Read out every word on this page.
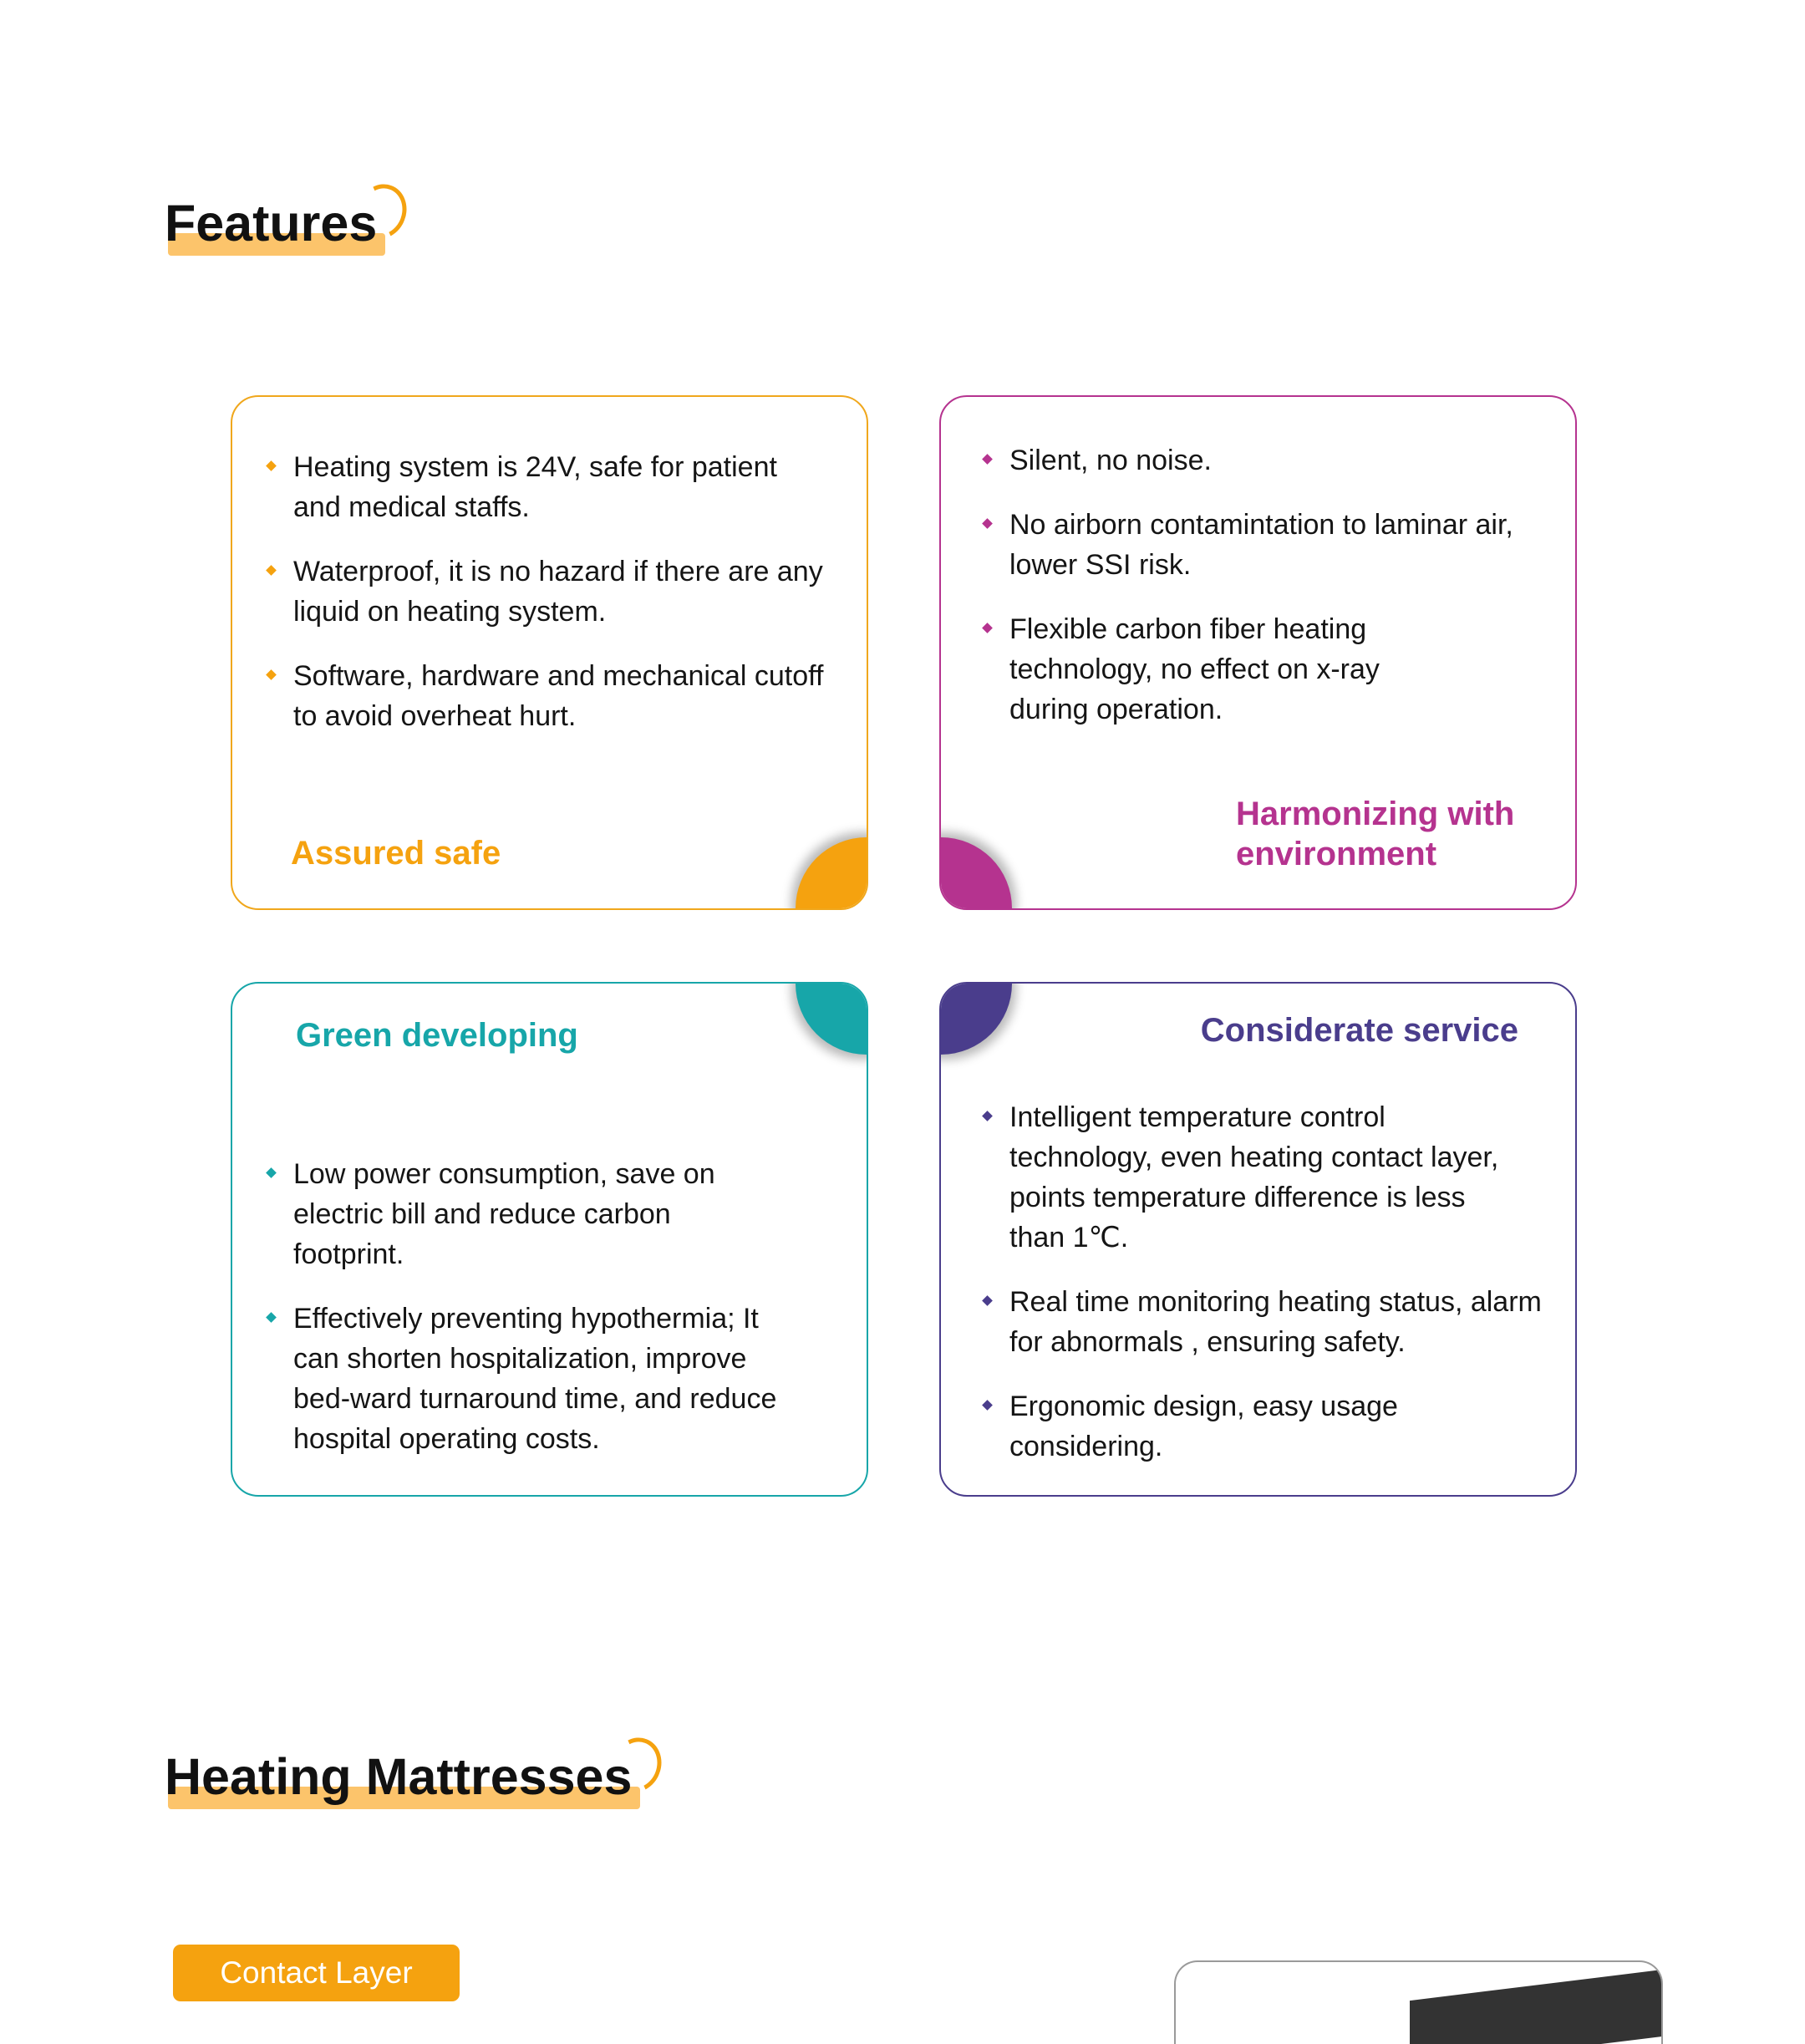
Features
Heating system is 24V, safe for patient and medical staffs.
Waterproof, it is no hazard if there are any liquid on heating system.
Software, hardware and mechanical cutoff to avoid overheat hurt.
Assured safe
Silent, no noise.
No airborn contamintation to laminar air, lower SSI risk.
Flexible carbon fiber heating technology, no effect on x-ray during operation.
Harmonizing with environment
Green developing
Low power consumption, save on electric bill and reduce carbon footprint.
Effectively preventing hypothermia; It can shorten hospitalization, improve bed-ward turnaround time, and reduce hospital operating costs.
Considerate service
Intelligent temperature control technology, even heating contact layer, points temperature difference is less than 1℃.
Real time monitoring heating status, alarm for abnormals , ensuring safety.
Ergonomic design, easy usage considering.
Heating Mattresses
Contact Layer
